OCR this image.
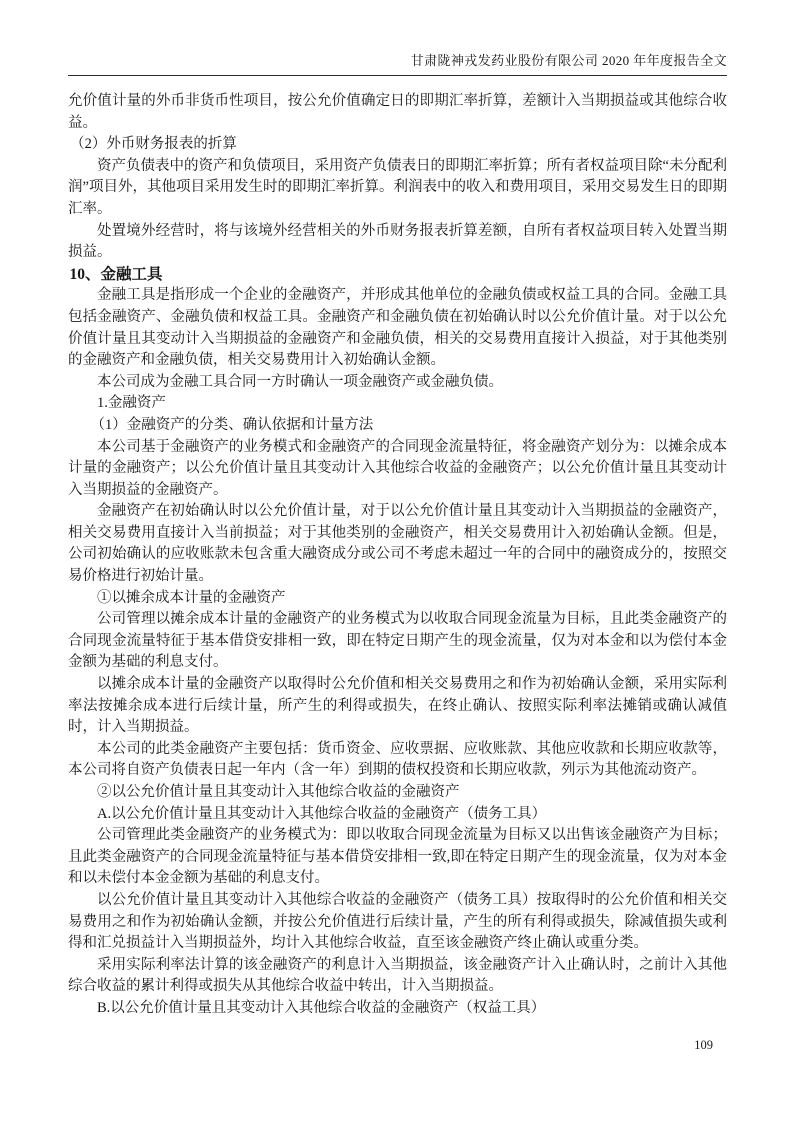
甘肃陇神戎发药业股份有限公司 2020 年年度报告全文

允价值计量的外币非货币性项目，按公允价值确定日的即期汇率折算，差额计入当期损益或其他综合收益。

（2）外币财务报表的折算

资产负债表中的资产和负债项目，采用资产负债表日的即期汇率折算；所有者权益项目除“未分配利润”项目外，其他项目采用发生时的即期汇率折算。利润表中的收入和费用项目，采用交易发生日的即期汇率。

处置境外经营时，将与该境外经营相关的外币财务报表折算差额，自所有者权益项目转入处置当期损益。

10、金融工具

金融工具是指形成一个企业的金融资产，并形成其他单位的金融负债或权益工具的合同。金融工具包括金融资产、金融负债和权益工具。金融资产和金融负债在初始确认时以公允价值计量。对于以公允价值计量且其变动计入当期损益的金融资产和金融负债，相关的交易费用直接计入损益，对于其他类别的金融资产和金融负债，相关交易费用计入初始确认金额。

本公司成为金融工具合同一方时确认一项金融资产或金融负债。

1.金融资产

（1）金融资产的分类、确认依据和计量方法

本公司基于金融资产的业务模式和金融资产的合同现金流量特征，将金融资产划分为：以摊余成本计量的金融资产；以公允价值计量且其变动计入其他综合收益的金融资产；以公允价值计量且其变动计入当期损益的金融资产。

金融资产在初始确认时以公允价值计量，对于以公允价值计量且其变动计入当期损益的金融资产，相关交易费用直接计入当前损益；对于其他类别的金融资产，相关交易费用计入初始确认金额。但是，公司初始确认的应收账款未包含重大融资成分或公司不考虑未超过一年的合同中的融资成分的，按照交易价格进行初始计量。

①以摊余成本计量的金融资产

公司管理以摊余成本计量的金融资产的业务模式为以收取合同现金流量为目标，且此类金融资产的合同现金流量特征于基本借贷安排相一致，即在特定日期产生的现金流量，仅为对本金和以为偿付本金金额为基础的利息支付。

以摊余成本计量的金融资产以取得时公允价值和相关交易费用之和作为初始确认金额，采用实际利率法按摊余成本进行后续计量，所产生的利得或损失，在终止确认、按照实际利率法摊销或确认减值时，计入当期损益。

本公司的此类金融资产主要包括：货币资金、应收票据、应收账款、其他应收款和长期应收款等，本公司将自资产负债表日起一年内（含一年）到期的债权投资和长期应收款，列示为其他流动资产。

②以公允价值计量且其变动计入其他综合收益的金融资产

A.以公允价值计量且其变动计入其他综合收益的金融资产（债务工具）

公司管理此类金融资产的业务模式为：即以收取合同现金流量为目标又以出售该金融资产为目标；且此类金融资产的合同现金流量特征与基本借贷安排相一致,即在特定日期产生的现金流量，仅为对本金和以未偿付本金金额为基础的利息支付。

以公允价值计量且其变动计入其他综合收益的金融资产（债务工具）按取得时的公允价值和相关交易费用之和作为初始确认金额，并按公允价值进行后续计量，产生的所有利得或损失，除减值损失或利得和汇兑损益计入当期损益外，均计入其他综合收益，直至该金融资产终止确认或重分类。

采用实际利率法计算的该金融资产的利息计入当期损益，该金融资产计入止确认时，之前计入其他综合收益的累计利得或损失从其他综合收益中转出，计入当期损益。

B.以公允价值计量且其变动计入其他综合收益的金融资产（权益工具）

109
